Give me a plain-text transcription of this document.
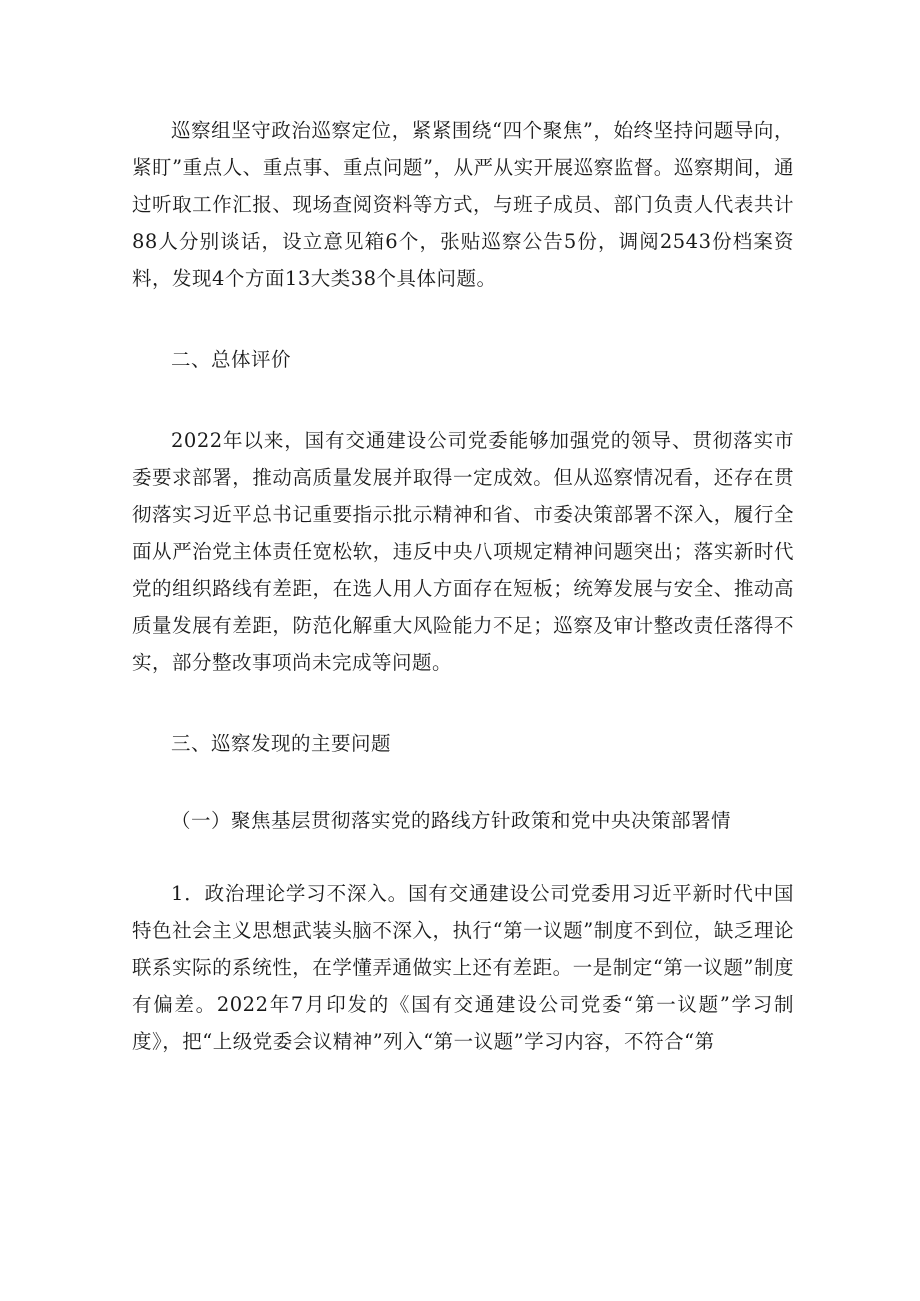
巡察组坚守政治巡察定位，紧紧围绕“四个聚焦”，始终坚持问题导向，紧盯”重点人、重点事、重点问题”，从严从实开展巡察监督。巡察期间，通过听取工作汇报、现场查阅资料等方式，与班子成员、部门负责人代表共计88人分别谈话，设立意见箱6个，张贴巡察公告5份，调阅2543份档案资料，发现4个方面13大类38个具体问题。

二、总体评价

2022年以来，国有交通建设公司党委能够加强党的领导、贯彻落实市委要求部署，推动高质量发展并取得一定成效。但从巡察情况看，还存在贯彻落实习近平总书记重要指示批示精神和省、市委决策部署不深入，履行全面从严治党主体责任宽松软，违反中央八项规定精神问题突出；落实新时代党的组织路线有差距，在选人用人方面存在短板；统筹发展与安全、推动高质量发展有差距，防范化解重大风险能力不足；巡察及审计整改责任落得不实，部分整改事项尚未完成等问题。

三、巡察发现的主要问题

（一）聚焦基层贯彻落实党的路线方针政策和党中央决策部署情

1．政治理论学习不深入。国有交通建设公司党委用习近平新时代中国特色社会主义思想武装头脑不深入，执行“第一议题”制度不到位，缺乏理论联系实际的系统性，在学懂弄通做实上还有差距。一是制定“第一议题”制度有偏差。2022年7月印发的《国有交通建设公司党委“第一议题”学习制度》，把“上级党委会议精神”列入“第一议题”学习内容，不符合“第
